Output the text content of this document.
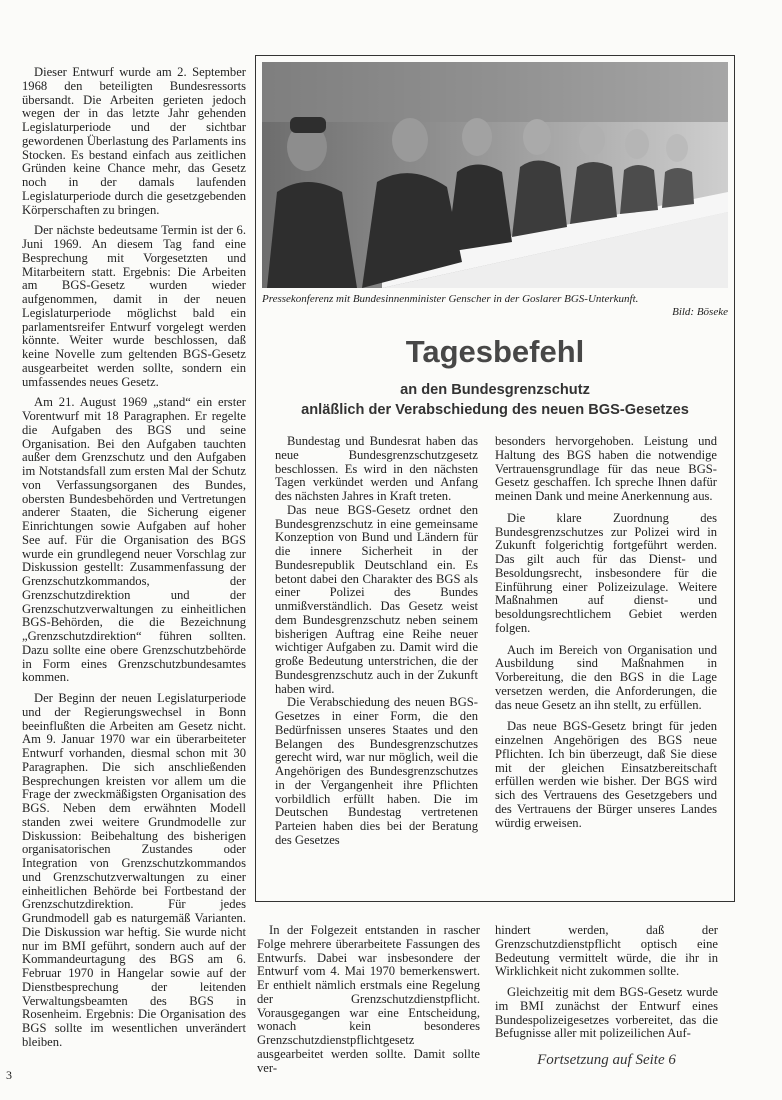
Dieser Entwurf wurde am 2. September 1968 den beteiligten Bundesressorts übersandt. Die Arbeiten gerieten jedoch wegen der in das letzte Jahr gehenden Legislaturperiode und der sichtbar gewordenen Überlastung des Parlaments ins Stocken. Es bestand einfach aus zeitlichen Gründen keine Chance mehr, das Gesetz noch in der damals laufenden Legislaturperiode durch die gesetzgebenden Körperschaften zu bringen.

Der nächste bedeutsame Termin ist der 6. Juni 1969. An diesem Tag fand eine Besprechung mit Vorgesetzten und Mitarbeitern statt. Ergebnis: Die Arbeiten am BGS-Gesetz wurden wieder aufgenommen, damit in der neuen Legislaturperiode möglichst bald ein parlamentsreifer Entwurf vorgelegt werden könnte. Weiter wurde beschlossen, daß keine Novelle zum geltenden BGS-Gesetz ausgearbeitet werden sollte, sondern ein umfassendes neues Gesetz.

Am 21. August 1969 „stand“ ein erster Vorentwurf mit 18 Paragraphen. Er regelte die Aufgaben des BGS und seine Organisation. Bei den Aufgaben tauchten außer dem Grenzschutz und den Aufgaben im Notstandsfall zum ersten Mal der Schutz von Verfassungsorganen des Bundes, obersten Bundesbehörden und Vertretungen anderer Staaten, die Sicherung eigener Einrichtungen sowie Aufgaben auf hoher See auf. Für die Organisation des BGS wurde ein grundlegend neuer Vorschlag zur Diskussion gestellt: Zusammenfassung der Grenzschutzkommandos, der Grenzschutzdirektion und der Grenzschutzverwaltungen zu einheitlichen BGS-Behörden, die die Bezeichnung „Grenzschutzdirektion“ führen sollten. Dazu sollte eine obere Grenzschutzbehörde in Form eines Grenzschutzbundesamtes kommen.

Der Beginn der neuen Legislaturperiode und der Regierungswechsel in Bonn beeinflußten die Arbeiten am Gesetz nicht. Am 9. Januar 1970 war ein überarbeiteter Entwurf vorhanden, diesmal schon mit 30 Paragraphen. Die sich anschließenden Besprechungen kreisten vor allem um die Frage der zweckmäßigsten Organisation des BGS. Neben dem erwähnten Modell standen zwei weitere Grundmodelle zur Diskussion: Beibehaltung des bisherigen organisatorischen Zustandes oder Integration von Grenzschutzkommandos und Grenzschutzverwaltungen zu einer einheitlichen Behörde bei Fortbestand der Grenzschutzdirektion. Für jedes Grundmodell gab es naturgemäß Varianten. Die Diskussion war heftig. Sie wurde nicht nur im BMI geführt, sondern auch auf der Kommandeurtagung des BGS am 6. Februar 1970 in Hangelar sowie auf der Dienstbesprechung der leitenden Verwaltungsbeamten des BGS in Rosenheim. Ergebnis: Die Organisation des BGS sollte im wesentlichen unverändert bleiben.

Pressekonferenz mit Bundesinnenminister Genscher in der Goslarer BGS-Unterkunft.
Bild: Böseke
Tagesbefehl
an den Bundesgrenzschutz
anläßlich der Verabschiedung des neuen BGS-Gesetzes

Bundestag und Bundesrat haben das neue Bundesgrenzschutzgesetz beschlossen. Es wird in den nächsten Tagen verkündet werden und Anfang des nächsten Jahres in Kraft treten.

Das neue BGS-Gesetz ordnet den Bundesgrenzschutz in eine gemeinsame Konzeption von Bund und Ländern für die innere Sicherheit in der Bundesrepublik Deutschland ein. Es betont dabei den Charakter des BGS als einer Polizei des Bundes unmißverständlich. Das Gesetz weist dem Bundesgrenzschutz neben seinem bisherigen Auftrag eine Reihe neuer wichtiger Aufgaben zu. Damit wird die große Bedeutung unterstrichen, die der Bundesgrenzschutz auch in der Zukunft haben wird.

Die Verabschiedung des neuen BGS-Gesetzes in einer Form, die den Bedürfnissen unseres Staates und den Belangen des Bundesgrenzschutzes gerecht wird, war nur möglich, weil die Angehörigen des Bundesgrenzschutzes in der Vergangenheit ihre Pflichten vorbildlich erfüllt haben. Die im Deutschen Bundestag vertretenen Parteien haben dies bei der Beratung des Gesetzes

besonders hervorgehoben. Leistung und Haltung des BGS haben die notwendige Vertrauensgrundlage für das neue BGS-Gesetz geschaffen. Ich spreche Ihnen dafür meinen Dank und meine Anerkennung aus.

Die klare Zuordnung des Bundesgrenzschutzes zur Polizei wird in Zukunft folgerichtig fortgeführt werden. Das gilt auch für das Dienst- und Besoldungsrecht, insbesondere für die Einführung einer Polizeizulage. Weitere Maßnahmen auf dienst- und besoldungsrechtlichem Gebiet werden folgen.

Auch im Bereich von Organisation und Ausbildung sind Maßnahmen in Vorbereitung, die den BGS in die Lage versetzen werden, die Anforderungen, die das neue Gesetz an ihn stellt, zu erfüllen.

Das neue BGS-Gesetz bringt für jeden einzelnen Angehörigen des BGS neue Pflichten. Ich bin überzeugt, daß Sie diese mit der gleichen Einsatzbereitschaft erfüllen werden wie bisher. Der BGS wird sich des Vertrauens des Gesetzgebers und des Vertrauens der Bürger unseres Landes würdig erweisen.

In der Folgezeit entstanden in rascher Folge mehrere überarbeitete Fassungen des Entwurfs. Dabei war insbesondere der Entwurf vom 4. Mai 1970 bemerkenswert. Er enthielt nämlich erstmals eine Regelung der Grenzschutzdienstpflicht. Vorausgegangen war eine Entscheidung, wonach kein besonderes Grenzschutzdienstpflichtgesetz ausgearbeitet werden sollte. Damit sollte ver-

hindert werden, daß der Grenzschutzdienstpflicht optisch eine Bedeutung vermittelt würde, die ihr in Wirklichkeit nicht zukommen sollte.

Gleichzeitig mit dem BGS-Gesetz wurde im BMI zunächst der Entwurf eines Bundespolizeigesetzes vorbereitet, das die Befugnisse aller mit polizeilichen Auf-

Fortsetzung auf Seite 6
3
